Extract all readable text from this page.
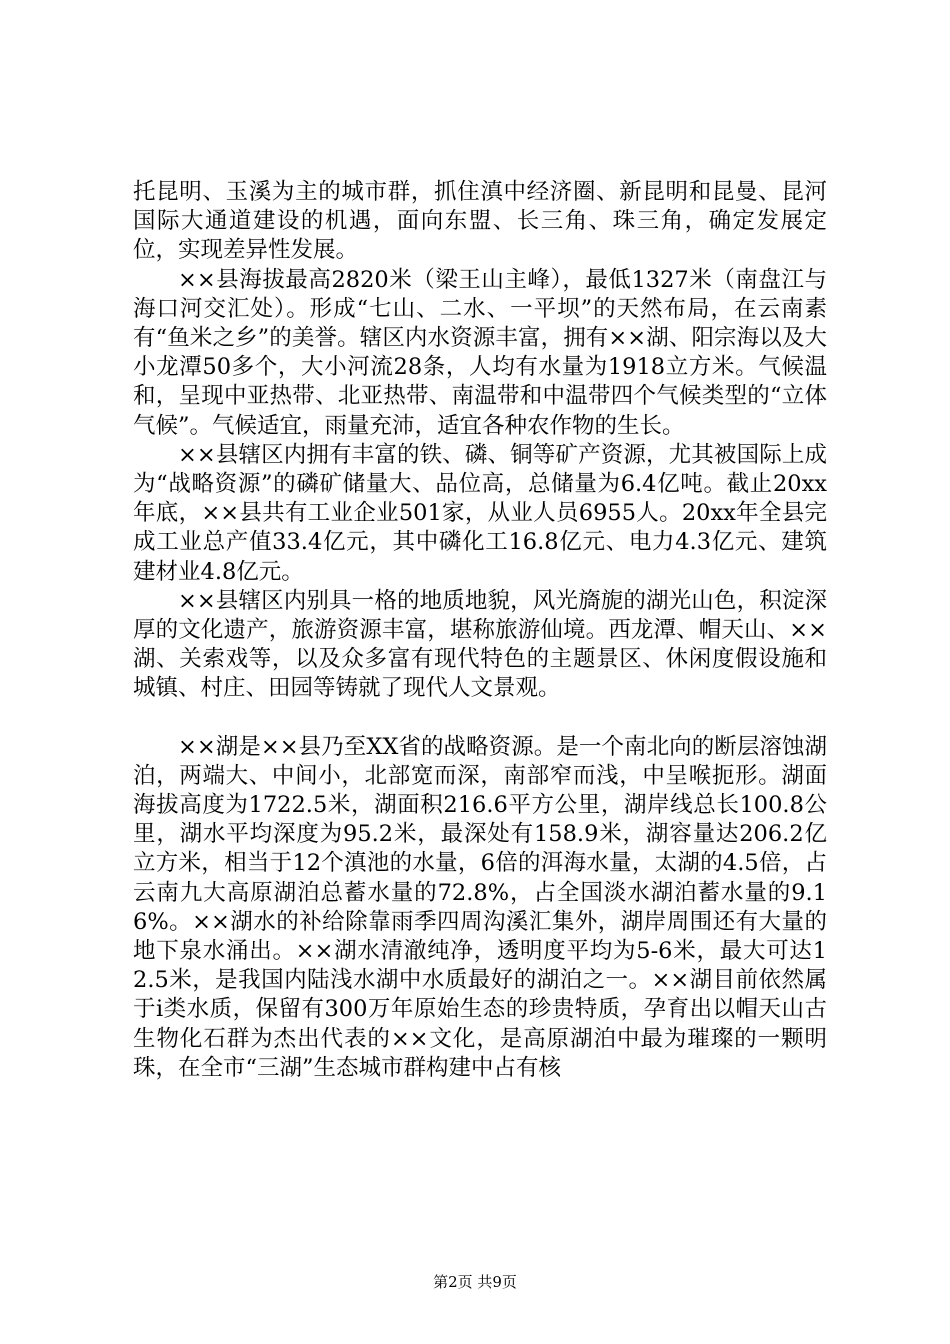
托昆明、玉溪为主的城市群，抓住滇中经济圈、新昆明和昆曼、昆河国际大通道建设的机遇，面向东盟、长三角、珠三角，确定发展定位，实现差异性发展。

××县海拔最高2820米（梁王山主峰），最低1327米（南盘江与海口河交汇处）。形成“七山、二水、一平坝”的天然布局，在云南素有“鱼米之乡”的美誉。辖区内水资源丰富，拥有××湖、阳宗海以及大小龙潭50多个，大小河流28条，人均有水量为1918立方米。气候温和，呈现中亚热带、北亚热带、南温带和中温带四个气候类型的“立体气候”。气候适宜，雨量充沛，适宜各种农作物的生长。

××县辖区内拥有丰富的铁、磷、铜等矿产资源，尤其被国际上成为“战略资源”的磷矿储量大、品位高，总储量为6.4亿吨。截止20xx年底，××县共有工业企业501家，从业人员6955人。20xx年全县完成工业总产值33.4亿元，其中磷化工16.8亿元、电力4.3亿元、建筑建材业4.8亿元。

××县辖区内别具一格的地质地貌，风光旖旎的湖光山色，积淀深厚的文化遗产，旅游资源丰富，堪称旅游仙境。西龙潭、帽天山、××湖、关索戏等，以及众多富有现代特色的主题景区、休闲度假设施和城镇、村庄、田园等铸就了现代人文景观。

××湖是××县乃至XX省的战略资源。是一个南北向的断层溶蚀湖泊，两端大、中间小，北部宽而深，南部窄而浅，中呈喉扼形。湖面海拔高度为1722.5米，湖面积216.6平方公里，湖岸线总长100.8公里，湖水平均深度为95.2米，最深处有158.9米，湖容量达206.2亿立方米，相当于12个滇池的水量，6倍的洱海水量，太湖的4.5倍，占云南九大高原湖泊总蓄水量的72.8%，占全国淡水湖泊蓄水量的9.16%。××湖水的补给除靠雨季四周沟溪汇集外，湖岸周围还有大量的地下泉水涌出。××湖水清澈纯净，透明度平均为5-6米，最大可达12.5米，是我国内陆浅水湖中水质最好的湖泊之一。××湖目前依然属于i类水质，保留有300万年原始生态的珍贵特质，孕育出以帽天山古生物化石群为杰出代表的××文化，是高原湖泊中最为璀璨的一颗明珠，在全市“三湖”生态城市群构建中占有核

第2页 共9页
